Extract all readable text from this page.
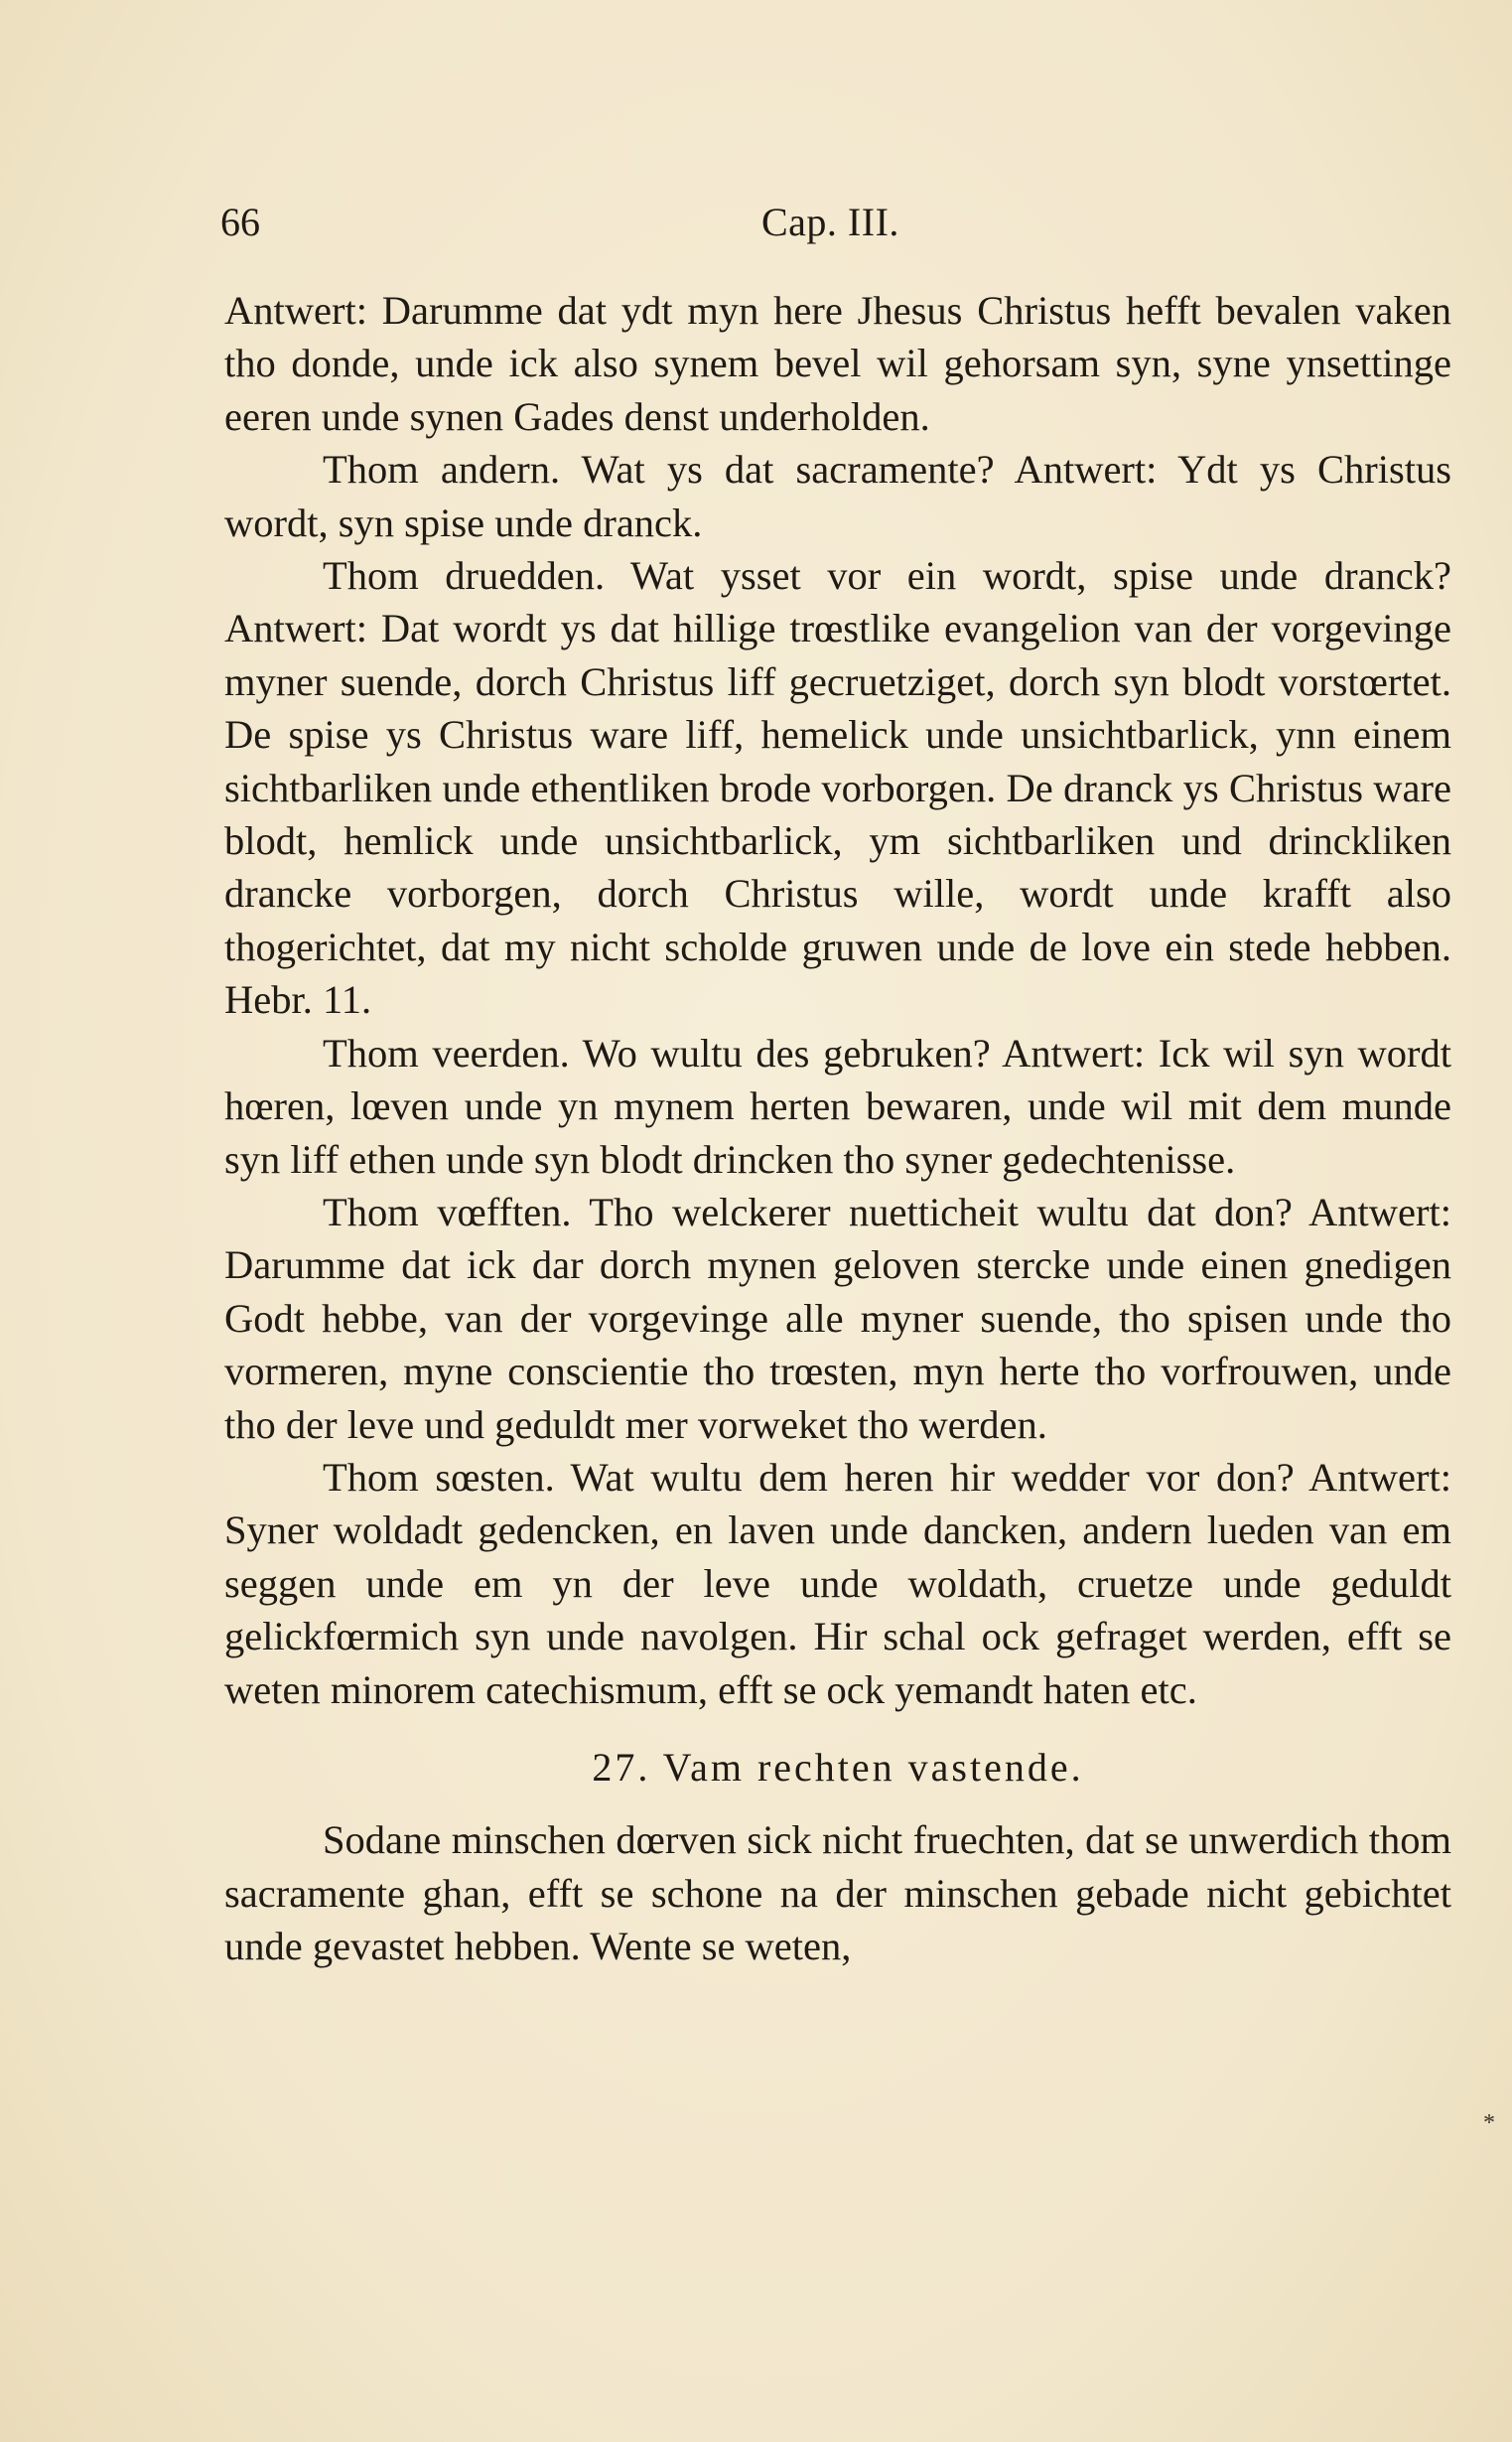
66	Cap. III.

Antwert: Darumme dat ydt myn here Jhesus Christus hefft bevalen vaken tho donde, unde ick also synem bevel wil gehorsam syn, syne ynsettinge eeren unde synen Gades denst underholden.

Thom andern. Wat ys dat sacramente? Antwert: Ydt ys Christus wordt, syn spise unde dranck.

Thom druedden. Wat ysset vor ein wordt, spise unde dranck? Antwert: Dat wordt ys dat hillige trœstlike evangelion van der vorgevinge myner suende, dorch Christus liff gecruetziget, dorch syn blodt vorstœrtet. De spise ys Christus ware liff, hemelick unde unsichtbarlick, ynn einem sichtbarliken unde ethentliken brode vorborgen. De dranck ys Christus ware blodt, hemlick unde unsichtbarlick, ym sichtbarliken und drinckliken drancke vorborgen, dorch Christus wille, wordt unde krafft also thogerichtet, dat my nicht scholde gruwen unde de love ein stede hebben. Hebr. 11.

Thom veerden. Wo wultu des gebruken? Antwert: Ick wil syn wordt hœren, lœven unde yn mynem herten bewaren, unde wil mit dem munde syn liff ethen unde syn blodt drincken tho syner gedechtenisse.

Thom vœfften. Tho welckerer nuetticheit wultu dat don? Antwert: Darumme dat ick dar dorch mynen geloven stercke unde einen gnedigen Godt hebbe, van der vorgevinge alle myner suende, tho spisen unde tho vormeren, myne conscientie tho trœsten, myn herte tho vorfrouwen, unde tho der leve und geduldt mer vorweket tho werden.

Thom sœsten. Wat wultu dem heren hir wedder vor don? Antwert: Syner woldadt gedencken, en laven unde dancken, andern lueden van em seggen unde em yn der leve unde woldath, cruetze unde geduldt gelickfœrmich syn unde navolgen. Hir schal ock gefraget werden, efft se weten minorem catechismum, efft se ock yemandt haten etc.

27. Vam rechten vastende.

Sodane minschen dœrven sick nicht fruechten, dat se unwerdich thom sacramente ghan, efft se schone na der minschen gebade nicht gebichtet unde gevastet hebben. Wente se weten,

*
